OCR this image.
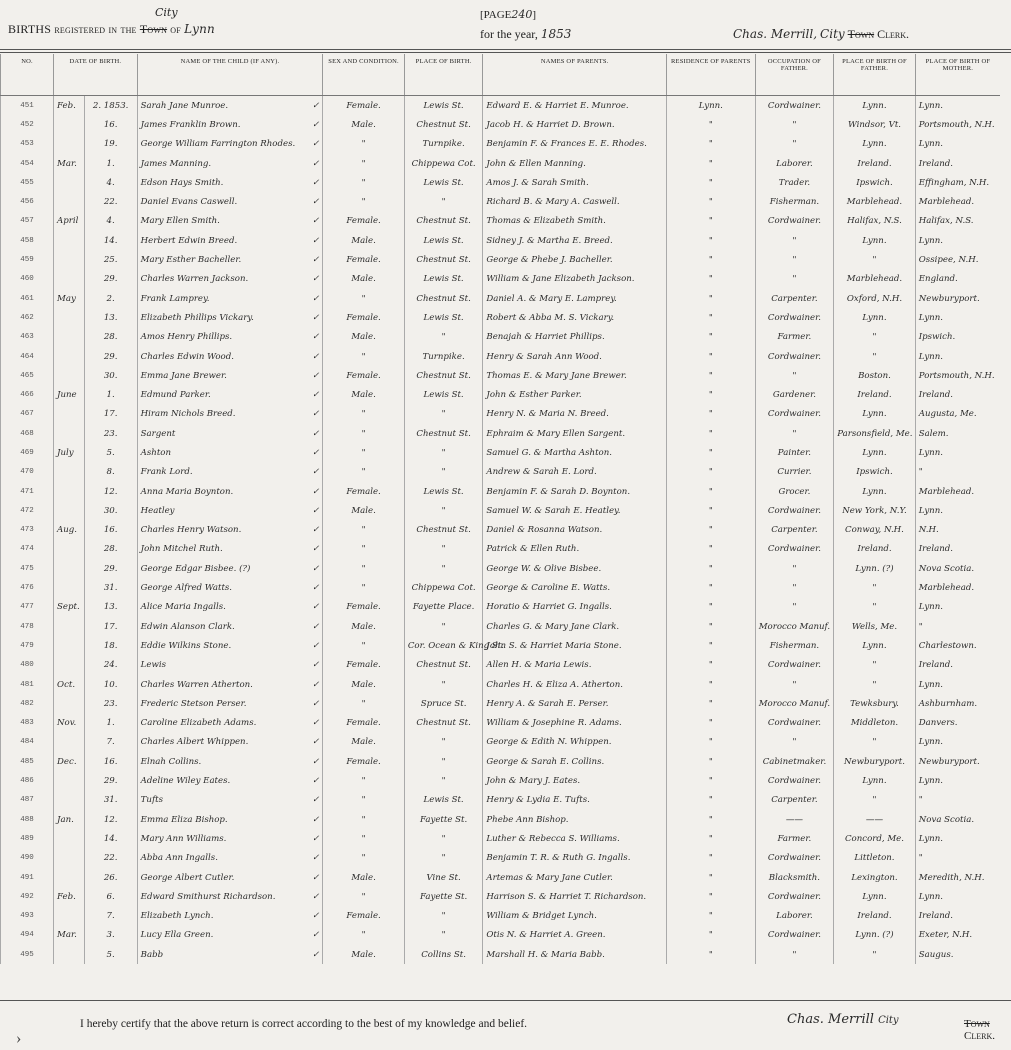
BIRTHS registered in the Town of Lynn
City	[PAGE240]
for the year, 1853	Chas. Merrill, City Town Clerk.
NO.	DATE OF BIRTH.		NAME OF THE CHILD (IF ANY).	SEX AND CONDITION.	PLACE OF BIRTH.	NAMES OF PARENTS.	RESIDENCE OF PARENTS	OCCUPATION OF FATHER.	PLACE OF BIRTH OF FATHER.	PLACE OF BIRTH OF MOTHER.
451	Feb.	2. 1853.	Sarah Jane Munroe. ✓	Female.	Lewis St.	Edward E. & Harriet E. Munroe.	Lynn.	Cordwainer.	Lynn.	Lynn.
452		16.	James Franklin Brown. ✓	Male.	Chestnut St.	Jacob H. & Harriet D. Brown.	"	"	Windsor, Vt.	Portsmouth, N.H.
453		19.	George William Farrington Rhodes. ✓	"	Turnpike.	Benjamin F. & Frances E. E. Rhodes.	"	"	Lynn.	Lynn.
454	Mar.	1.	James Manning. ✓	"	Chippewa Cot.	John & Ellen Manning.	"	Laborer.	Ireland.	Ireland.
455		4.	Edson Hays Smith. ✓	"	Lewis St.	Amos J. & Sarah Smith.	"	Trader.	Ipswich.	Effingham, N.H.
456		22.	Daniel Evans Caswell. ✓	"	"	Richard B. & Mary A. Caswell.	"	Fisherman.	Marblehead.	Marblehead.
457	April	4.	Mary Ellen Smith. ✓	Female.	Chestnut St.	Thomas & Elizabeth Smith.	"	Cordwainer.	Halifax, N.S.	Halifax, N.S.
458		14.	Herbert Edwin Breed. ✓	Male.	Lewis St.	Sidney J. & Martha E. Breed.	"	"	Lynn.	Lynn.
459		25.	Mary Esther Bacheller. ✓	Female.	Chestnut St.	George & Phebe J. Bacheller.	"	"	"	Ossipee, N.H.
460		29.	Charles Warren Jackson. ✓	Male.	Lewis St.	William & Jane Elizabeth Jackson.	"	"	Marblehead.	England.
461	May	2.	Frank Lamprey. ✓	"	Chestnut St.	Daniel A. & Mary E. Lamprey.	"	Carpenter.	Oxford, N.H.	Newburyport.
462		13.	Elizabeth Phillips Vickary. ✓	Female.	Lewis St.	Robert & Abba M. S. Vickary.	"	Cordwainer.	Lynn.	Lynn.
463		28.	Amos Henry Phillips. ✓	Male.	"	Benajah & Harriet Phillips.	"	Farmer.	"	Ipswich.
464		29.	Charles Edwin Wood. ✓	"	Turnpike.	Henry & Sarah Ann Wood.	"	Cordwainer.	"	Lynn.
465		30.	Emma Jane Brewer. ✓	Female.	Chestnut St.	Thomas E. & Mary Jane Brewer.	"	"	Boston.	Portsmouth, N.H.
466	June	1.	Edmund Parker. ✓	Male.	Lewis St.	John & Esther Parker.	"	Gardener.	Ireland.	Ireland.
467		17.	Hiram Nichols Breed. ✓	"	"	Henry N. & Maria N. Breed.	"	Cordwainer.	Lynn.	Augusta, Me.
468		23.	Sargent ✓	"	Chestnut St.	Ephraim & Mary Ellen Sargent.	"	"	Parsonsfield, Me.	Salem.
469	July	5.	Ashton ✓	"	"	Samuel G. & Martha Ashton.	"	Painter.	Lynn.	Lynn.
470		8.	Frank Lord. ✓	"	"	Andrew & Sarah E. Lord.	"	Currier.	Ipswich.	"
471		12.	Anna Maria Boynton. ✓	Female.	Lewis St.	Benjamin F. & Sarah D. Boynton.	"	Grocer.	Lynn.	Marblehead.
472		30.	Heatley ✓	Male.	"	Samuel W. & Sarah E. Heatley.	"	Cordwainer.	New York, N.Y.	Lynn.
473	Aug.	16.	Charles Henry Watson. ✓	"	Chestnut St.	Daniel & Rosanna Watson.	"	Carpenter.	Conway, N.H.	N.H.
474		28.	John Mitchel Ruth. ✓	"	"	Patrick & Ellen Ruth.	"	Cordwainer.	Ireland.	Ireland.
475		29.	George Edgar Bisbee. (?) ✓	"	"	George W. & Olive Bisbee.	"	"	Lynn. (?)	Nova Scotia.
476		31.	George Alfred Watts. ✓	"	Chippewa Cot.	George & Caroline E. Watts.	"	"	"	Marblehead.
477	Sept.	13.	Alice Maria Ingalls. ✓	Female.	Fayette Place.	Horatio & Harriet G. Ingalls.	"	"	"	Lynn.
478		17.	Edwin Alanson Clark. ✓	Male.	"	Charles G. & Mary Jane Clark.	"	Morocco Manuf.	Wells, Me.	"
479		18.	Eddie Wilkins Stone. ✓	"	Cor. Ocean & King St.	John S. & Harriet Maria Stone.	"	Fisherman.	Lynn.	Charlestown.
480		24.	Lewis ✓	Female.	Chestnut St.	Allen H. & Maria Lewis.	"	Cordwainer.	"	Ireland.
481	Oct.	10.	Charles Warren Atherton. ✓	Male.	"	Charles H. & Eliza A. Atherton.	"	"	"	Lynn.
482		23.	Frederic Stetson Perser. ✓	"	Spruce St.	Henry A. & Sarah E. Perser.	"	Morocco Manuf.	Tewksbury.	Ashburnham.
483	Nov.	1.	Caroline Elizabeth Adams. ✓	Female.	Chestnut St.	William & Josephine R. Adams.	"	Cordwainer.	Middleton.	Danvers.
484		7.	Charles Albert Whippen. ✓	Male.	"	George & Edith N. Whippen.	"	"	"	Lynn.
485	Dec.	16.	Elnah Collins. ✓	Female.	"	George & Sarah E. Collins.	"	Cabinetmaker.	Newburyport.	Newburyport.
486		29.	Adeline Wiley Eates. ✓	"	"	John & Mary J. Eates.	"	Cordwainer.	Lynn.	Lynn.
487		31.	Tufts ✓	"	Lewis St.	Henry & Lydia E. Tufts.	"	Carpenter.	"	"
488	Jan.	12.	Emma Eliza Bishop. ✓	"	Fayette St.	Phebe Ann Bishop.	"	——	——	Nova Scotia.
489		14.	Mary Ann Williams. ✓	"	"	Luther & Rebecca S. Williams.	"	Farmer.	Concord, Me.	Lynn.
490		22.	Abba Ann Ingalls. ✓	"	"	Benjamin T. R. & Ruth G. Ingalls.	"	Cordwainer.	Littleton.	"
491		26.	George Albert Cutler. ✓	Male.	Vine St.	Artemas & Mary Jane Cutler.	"	Blacksmith.	Lexington.	Meredith, N.H.
492	Feb.	6.	Edward Smithurst Richardson. ✓	"	Fayette St.	Harrison S. & Harriet T. Richardson.	"	Cordwainer.	Lynn.	Lynn.
493		7.	Elizabeth Lynch. ✓	Female.	"	William & Bridget Lynch.	"	Laborer.	Ireland.	Ireland.
494	Mar.	3.	Lucy Ella Green. ✓	"	"	Otis N. & Harriet A. Green.	"	Cordwainer.	Lynn. (?)	Exeter, N.H.
495		5.	Babb ✓	Male.	Collins St.	Marshall H. & Maria Babb.	"	"	"	Saugus.
I hereby certify that the above return is correct according to the best of my knowledge and belief.	Chas. Merrill City	Town Clerk.
›
